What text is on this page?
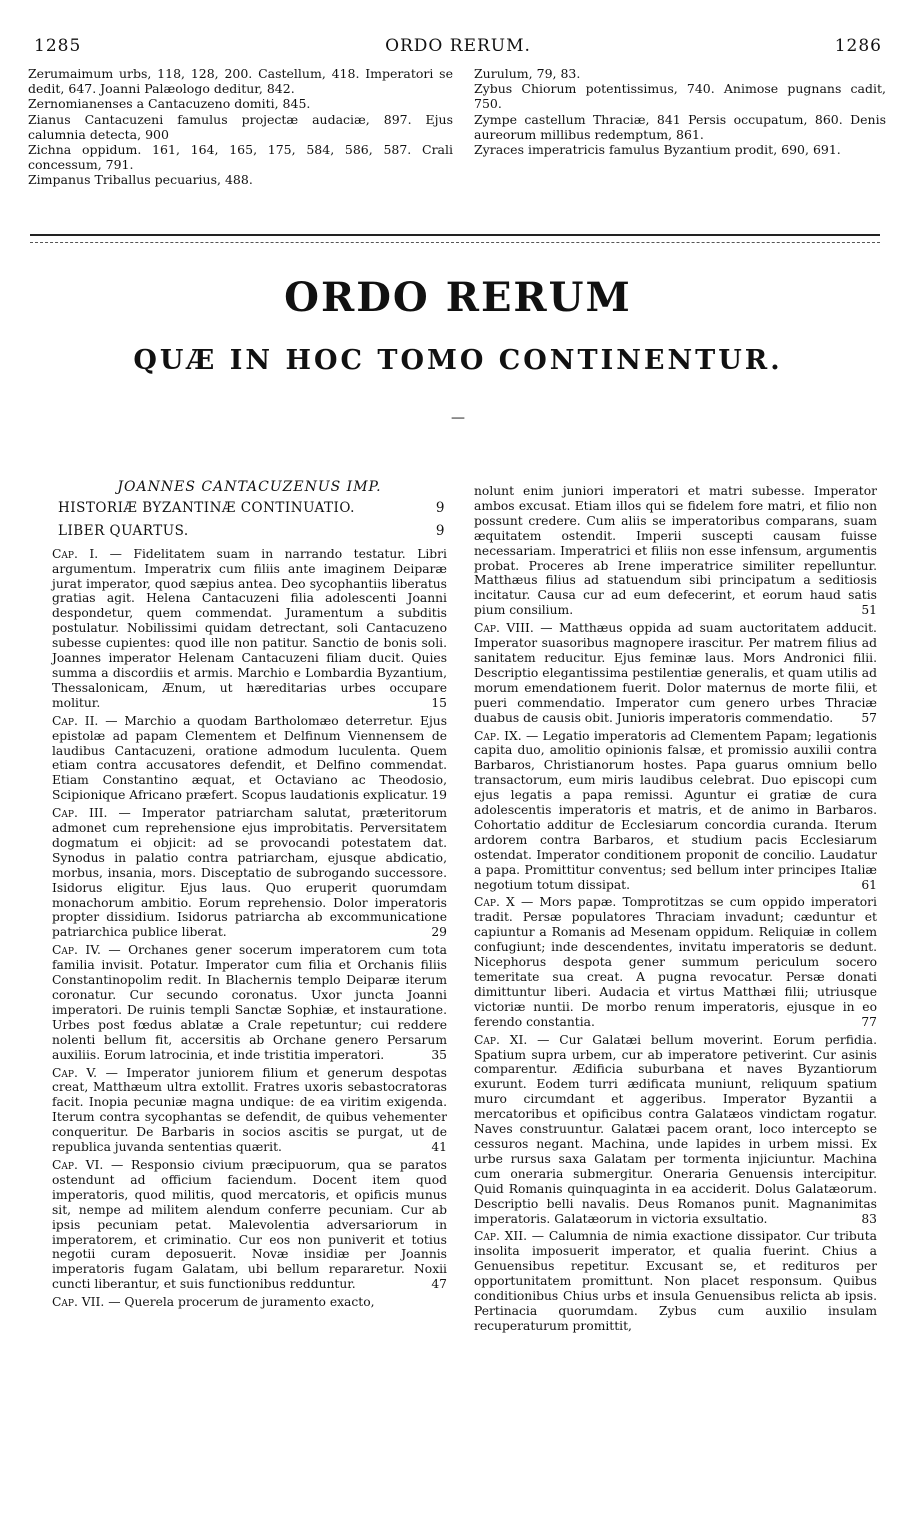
1285	ORDO RERUM.	1286

Zerumaimum urbs, 118, 128, 200. Castellum, 418. Imperatori se dedit, 647. Joanni Palæologo deditur, 842.

Zernomianenses a Cantacuzeno domiti, 845.

Zianus Cantacuzeni famulus projectæ audaciæ, 897. Ejus calumnia detecta, 900

Zichna oppidum. 161, 164, 165, 175, 584, 586, 587. Crali concessum, 791.

Zimpanus Triballus pecuarius, 488.

Zurulum, 79, 83.

Zybus Chiorum potentissimus, 740. Animose pugnans cadit, 750.

Zympe castellum Thraciæ, 841 Persis occupatum, 860. Denis aureorum millibus redemptum, 861.

Zyraces imperatricis famulus Byzantium prodit, 690, 691.

ORDO RERUM
QUÆ IN HOC TOMO CONTINENTUR.
—

JOANNES CANTACUZENUS IMP.

HISTORIÆ BYZANTINÆ CONTINUATIO.	9
LIBER QUARTUS.	9

Cap. I. — Fidelitatem suam in narrando testatur. Libri argumentum. Imperatrix cum filiis ante imaginem Deiparæ jurat imperator, quod sæpius antea. Deo sycophantiis liberatus gratias agit. Helena Cantacuzeni filia adolescenti Joanni despondetur, quem commendat. Juramentum a subditis postulatur. Nobilissimi quidam detrectant, soli Cantacuzeno subesse cupientes: quod ille non patitur. Sanctio de bonis soli. Joannes imperator Helenam Cantacuzeni filiam ducit. Quies summa a discordiis et armis. Marchio e Lombardia Byzantium, Thessalonicam, Ænum, ut hæreditarias urbes occupare molitur.	15

Cap. II. — Marchio a quodam Bartholomæo deterretur. Ejus epistolæ ad papam Clementem et Delfinum Viennensem de laudibus Cantacuzeni, oratione admodum luculenta. Quem etiam contra accusatores defendit, et Delfino commendat. Etiam Constantino æquat, et Octaviano ac Theodosio, Scipionique Africano præfert. Scopus laudationis explicatur. 19

Cap. III. — Imperator patriarcham salutat, præteritorum admonet cum reprehensione ejus improbitatis. Perversitatem dogmatum ei objicit: ad se provocandi potestatem dat. Synodus in palatio contra patriarcham, ejusque abdicatio, morbus, insania, mors. Disceptatio de subrogando successore. Isidorus eligitur. Ejus laus. Quo eruperit quorumdam monachorum ambitio. Eorum reprehensio. Dolor imperatoris propter dissidium. Isidorus patriarcha ab excommunicatione patriarchica publice liberat.	29

Cap. IV. — Orchanes gener socerum imperatorem cum tota familia invisit. Potatur. Imperator cum filia et Orchanis filiis Constantinopolim redit. In Blachernis templo Deiparæ iterum coronatur. Cur secundo coronatus. Uxor juncta Joanni imperatori. De ruinis templi Sanctæ Sophiæ, et instauratione. Urbes post fœdus ablatæ a Crale repetuntur; cui reddere nolenti bellum fit, accersitis ab Orchane genero Persarum auxiliis. Eorum latrocinia, et inde tristitia imperatori.	35

Cap. V. — Imperator juniorem filium et generum despotas creat, Matthæum ultra extollit. Fratres uxoris sebastocratoras facit. Inopia pecuniæ magna undique: de ea viritim exigenda. Iterum contra sycophantas se defendit, de quibus vehementer conqueritur. De Barbaris in socios ascitis se purgat, ut de republica juvanda sententias quærit.	41

Cap. VI. — Responsio civium præcipuorum, qua se paratos ostendunt ad officium faciendum. Docent item quod imperatoris, quod militis, quod mercatoris, et opificis munus sit, nempe ad militem alendum conferre pecuniam. Cur ab ipsis pecuniam petat. Malevolentia adversariorum in imperatorem, et criminatio. Cur eos non puniverit et totius negotii curam deposuerit. Novæ insidiæ per Joannis imperatoris fugam Galatam, ubi bellum repararetur. Noxii cuncti liberantur, et suis functionibus redduntur.	47

Cap. VII. — Querela procerum de juramento exacto,

nolunt enim juniori imperatori et matri subesse. Imperator ambos excusat. Etiam illos qui se fidelem fore matri, et filio non possunt credere. Cum aliis se imperatoribus comparans, suam æquitatem ostendit. Imperii suscepti causam fuisse necessariam. Imperatrici et filiis non esse infensum, argumentis probat. Proceres ab Irene imperatrice similiter repelluntur. Matthæus filius ad statuendum sibi principatum a seditiosis incitatur. Causa cur ad eum defecerint, et eorum haud satis pium consilium.	51

Cap. VIII. — Matthæus oppida ad suam auctoritatem adducit. Imperator suasoribus magnopere irascitur. Per matrem filius ad sanitatem reducitur. Ejus feminæ laus. Mors Andronici filii. Descriptio elegantissima pestilentiæ generalis, et quam utilis ad morum emendationem fuerit. Dolor maternus de morte filii, et pueri commendatio. Imperator cum genero urbes Thraciæ duabus de causis obit. Junioris imperatoris commendatio. 57

Cap. IX. — Legatio imperatoris ad Clementem Papam; legationis capita duo, amolitio opinionis falsæ, et promissio auxilii contra Barbaros, Christianorum hostes. Papa guarus omnium bello transactorum, eum miris laudibus celebrat. Duo episcopi cum ejus legatis a papa remissi. Aguntur ei gratiæ de cura adolescentis imperatoris et matris, et de animo in Barbaros. Cohortatio additur de Ecclesiarum concordia curanda. Iterum ardorem contra Barbaros, et studium pacis Ecclesiarum ostendat. Imperator conditionem proponit de concilio. Laudatur a papa. Promittitur conventus; sed bellum inter principes Italiæ negotium totum dissipat.	61

Cap. X — Mors papæ. Tomprotitzas se cum oppido imperatori tradit. Persæ populatores Thraciam invadunt; cæduntur et capiuntur a Romanis ad Mesenam oppidum. Reliquiæ in collem confugiunt; inde descendentes, invitatu imperatoris se dedunt. Nicephorus despota gener summum periculum socero temeritate sua creat. A pugna revocatur. Persæ donati dimittuntur liberi. Audacia et virtus Matthæi filii; utriusque victoriæ nuntii. De morbo renum imperatoris, ejusque in eo ferendo constantia.	77

Cap. XI. — Cur Galatæi bellum moverint. Eorum perfidia. Spatium supra urbem, cur ab imperatore petiverint. Cur asinis comparentur. Ædificia suburbana et naves Byzantiorum exurunt. Eodem turri ædificata muniunt, reliquum spatium muro circumdant et aggeribus. Imperator Byzantii a mercatoribus et opificibus contra Galatæos vindictam rogatur. Naves construuntur. Galatæi pacem orant, loco intercepto se cessuros negant. Machina, unde lapides in urbem missi. Ex urbe rursus saxa Galatam per tormenta injiciuntur. Machina cum oneraria submergitur. Oneraria Genuensis intercipitur. Quid Romanis quinquaginta in ea acciderit. Dolus Galatæorum. Descriptio belli navalis. Deus Romanos punit. Magnanimitas imperatoris. Galatæorum in victoria exsultatio.	83

Cap. XII. — Calumnia de nimia exactione dissipator. Cur tributa insolita imposuerit imperator, et qualia fuerint. Chius a Genuensibus repetitur. Excusant se, et redituros per opportunitatem promittunt. Non placet responsum. Quibus conditionibus Chius urbs et insula Genuensibus relicta ab ipsis. Pertinacia quorumdam. Zybus cum auxilio insulam recuperaturum promittit,
